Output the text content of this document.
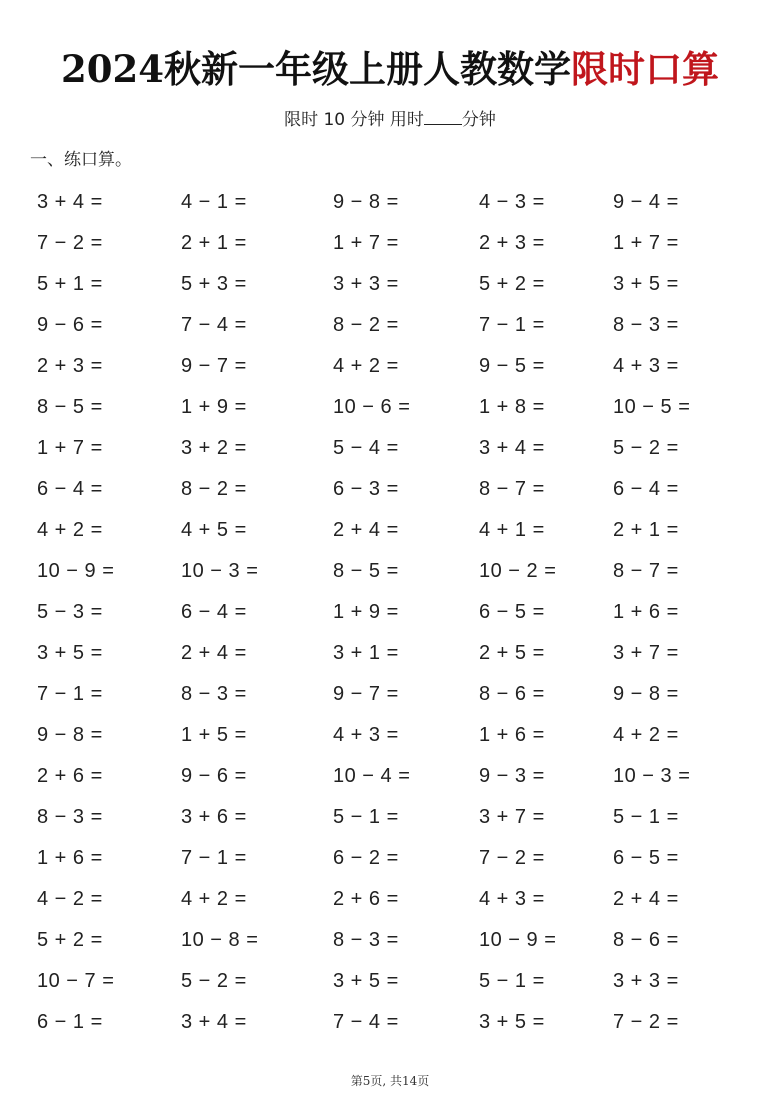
2024秋新一年级上册人教数学限时口算
限时 10 分钟 用时 分钟
一、练口算。
3 + 4 =	4 − 1 =	9 − 8 =	4 − 3 =	9 − 4 =
7 − 2 =	2 + 1 =	1 + 7 =	2 + 3 =	1 + 7 =
5 + 1 =	5 + 3 =	3 + 3 =	5 + 2 =	3 + 5 =
9 − 6 =	7 − 4 =	8 − 2 =	7 − 1 =	8 − 3 =
2 + 3 =	9 − 7 =	4 + 2 =	9 − 5 =	4 + 3 =
8 − 5 =	1 + 9 =	10 − 6 =	1 + 8 =	10 − 5 =
1 + 7 =	3 + 2 =	5 − 4 =	3 + 4 =	5 − 2 =
6 − 4 =	8 − 2 =	6 − 3 =	8 − 7 =	6 − 4 =
4 + 2 =	4 + 5 =	2 + 4 =	4 + 1 =	2 + 1 =
10 − 9 =	10 − 3 =	8 − 5 =	10 − 2 =	8 − 7 =
5 − 3 =	6 − 4 =	1 + 9 =	6 − 5 =	1 + 6 =
3 + 5 =	2 + 4 =	3 + 1 =	2 + 5 =	3 + 7 =
7 − 1 =	8 − 3 =	9 − 7 =	8 − 6 =	9 − 8 =
9 − 8 =	1 + 5 =	4 + 3 =	1 + 6 =	4 + 2 =
2 + 6 =	9 − 6 =	10 − 4 =	9 − 3 =	10 − 3 =
8 − 3 =	3 + 6 =	5 − 1 =	3 + 7 =	5 − 1 =
1 + 6 =	7 − 1 =	6 − 2 =	7 − 2 =	6 − 5 =
4 − 2 =	4 + 2 =	2 + 6 =	4 + 3 =	2 + 4 =
5 + 2 =	10 − 8 =	8 − 3 =	10 − 9 =	8 − 6 =
10 − 7 =	5 − 2 =	3 + 5 =	5 − 1 =	3 + 3 =
6 − 1 =	3 + 4 =	7 − 4 =	3 + 5 =	7 − 2 =
第5页, 共14页
